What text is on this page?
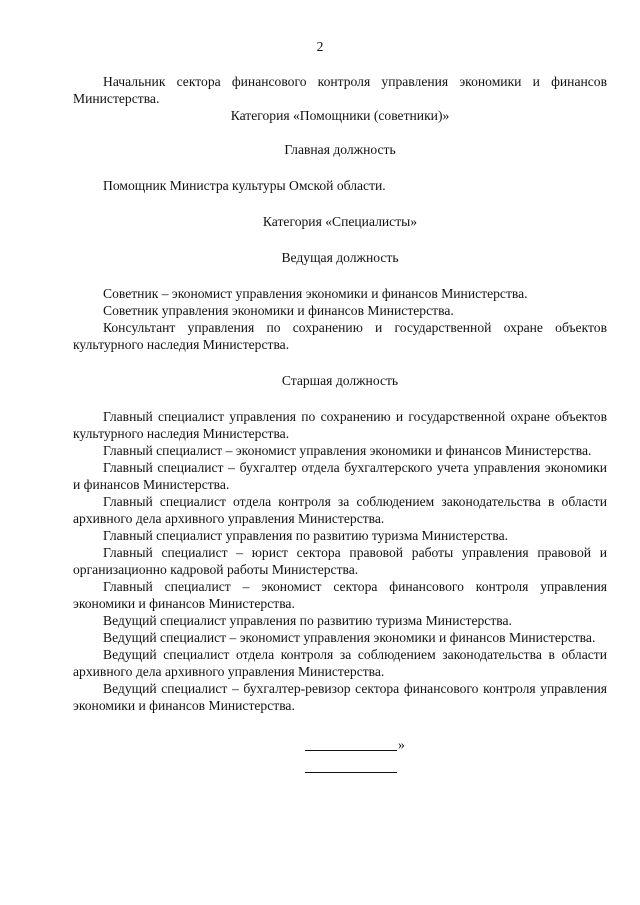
2

Начальник сектора финансового контроля управления экономики и финансов Министерства.

Категория «Помощники (советники)»

Главная должность

Помощник Министра культуры Омской области.

Категория «Специалисты»

Ведущая должность

Советник – экономист управления экономики и финансов Министерства.

Советник управления экономики и финансов Министерства.

Консультант управления по сохранению и государственной охране объектов культурного наследия Министерства.

Старшая должность

Главный специалист управления по сохранению и государственной охране объектов культурного наследия Министерства.

Главный специалист – экономист управления экономики и финансов Министерства.

Главный специалист – бухгалтер отдела бухгалтерского учета управления экономики и финансов Министерства.

Главный специалист отдела контроля за соблюдением законодательства в области архивного дела архивного управления Министерства.

Главный специалист управления по развитию туризма Министерства.

Главный специалист – юрист сектора правовой работы управления правовой и организационно кадровой работы Министерства.

Главный специалист – экономист сектора финансового контроля управления экономики и финансов Министерства.

Ведущий специалист управления по развитию туризма Министерства.

Ведущий специалист – экономист управления экономики и финансов Министерства.

Ведущий специалист отдела контроля за соблюдением законодательства в области архивного дела архивного управления Министерства.

Ведущий специалист – бухгалтер-ревизор сектора финансового контроля управления экономики и финансов Министерства.

»
